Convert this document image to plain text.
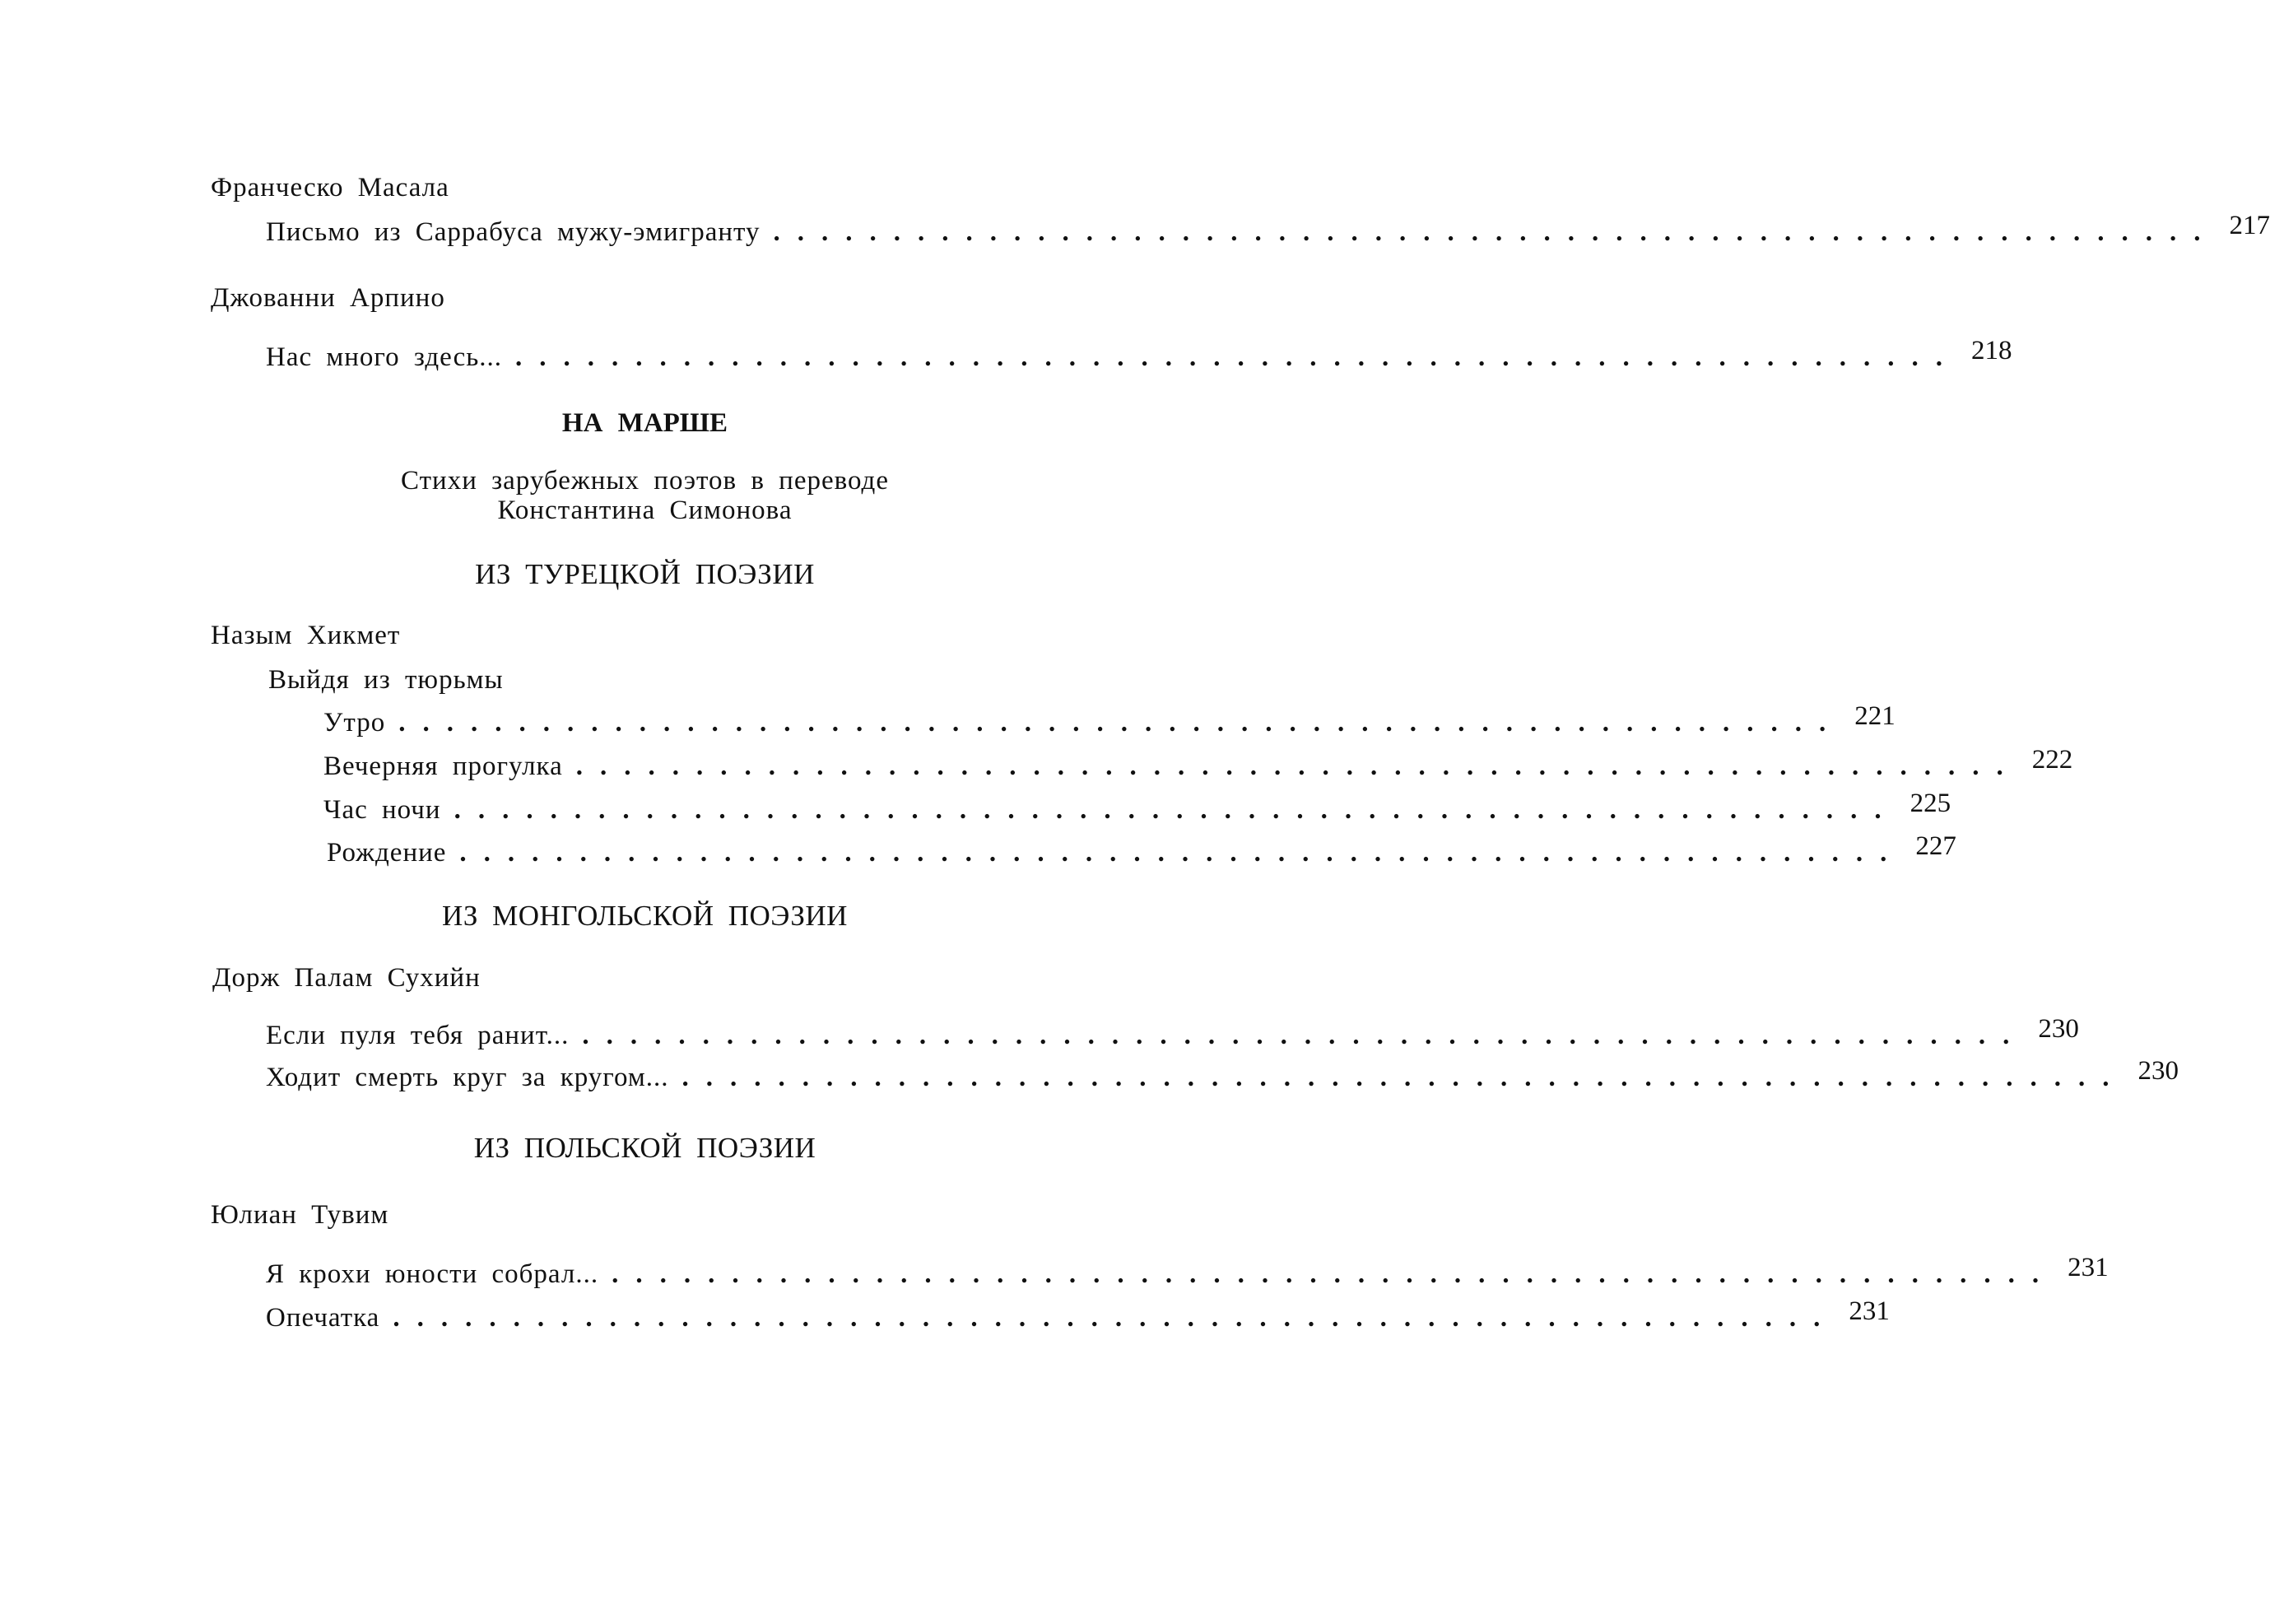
Франческо Масала
Письмо из Саррабуса мужу-эмигранту ............................................................ 217
Джованни Арпино
Нас много здесь... ............................................................ 218
НА МАРШЕ
Стихи зарубежных поэтов в переводе
Константина Симонова
ИЗ ТУРЕЦКОЙ ПОЭЗИИ
Назым Хикмет
Выйдя из тюрьмы
Утро ............................................................ 221
Вечерняя прогулка ............................................................ 222
Час ночи ............................................................ 225
Рождение ............................................................ 227
ИЗ МОНГОЛЬСКОЙ ПОЭЗИИ
Дорж Палам Сухийн
Если пуля тебя ранит... ............................................................ 230
Ходит смерть круг за кругом... ............................................................ 230
ИЗ ПОЛЬСКОЙ ПОЭЗИИ
Юлиан Тувим
Я крохи юности собрал... ............................................................ 231
Опечатка ............................................................ 231
